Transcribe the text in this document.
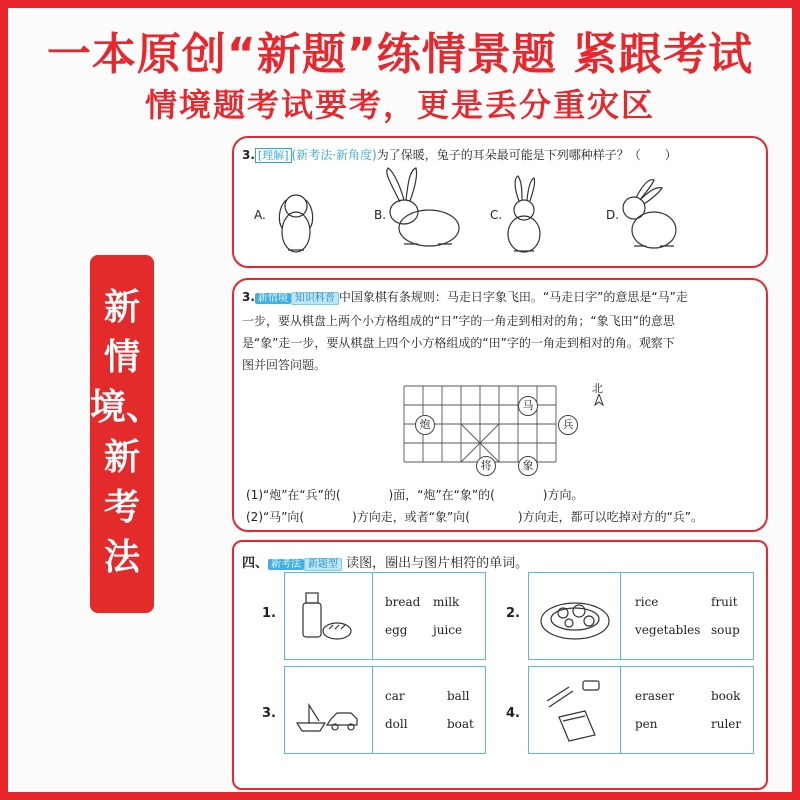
一本原创“新题”练情景题 紧跟考试
情境题考试要考，更是丢分重灾区
新
情
境、
新
考
法
3. [理解] (新考法·新角度)为了保暖，兔子的耳朵最可能是下列哪种样子？（　　）
A.	B.	C.	D.
3. 新情境 知识科普 中国象棋有条规则：马走日字象飞田。“马走日字”的意思是“马”走
一步，要从棋盘上两个小方格组成的“日”字的一角走到相对的角；“象飞田”的意思
是“象”走一步，要从棋盘上四个小方格组成的“田”字的一角走到相对的角。观察下
图并回答问题。
炮
马
兵
将	象
北
(1)“炮”在“兵”的(　　　　)面，“炮”在“象”的(　　　　)方向。
(2)“马”向(　　　　)方向走，或者“象”向(　　　　)方向走，都可以吃掉对方的“兵”。
四、 新考法 新题型 读图，圈出与图片相符的单词。
bread milk
egg juice
1.
rice	fruit
vegetables soup
2.
car	ball
doll	boat
3.
eraser	book
pen	ruler
4.
